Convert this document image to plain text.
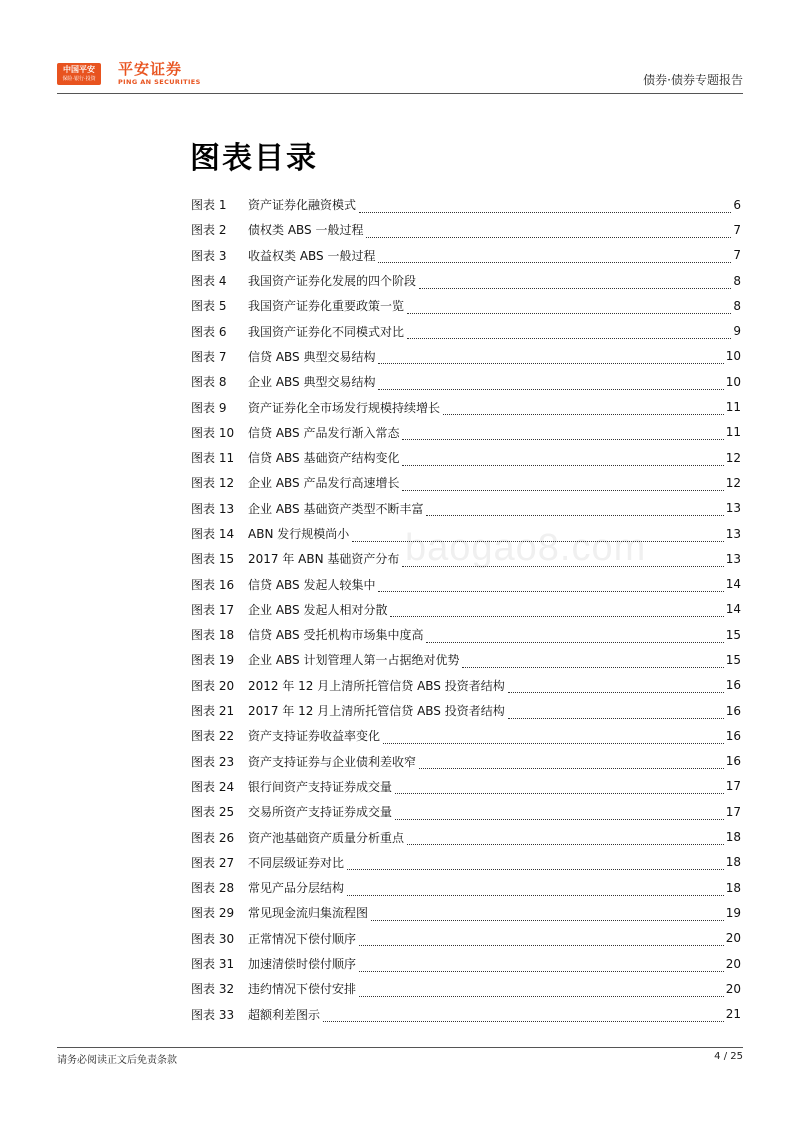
中国平安
保险·银行·投资
平安证券
PING AN SECURITIES	债券·债券专题报告
图表目录
baogao8.com
图表 1	资产证券化融资模式	6
图表 2	债权类 ABS 一般过程	7
图表 3	收益权类 ABS 一般过程	7
图表 4	我国资产证券化发展的四个阶段	8
图表 5	我国资产证券化重要政策一览	8
图表 6	我国资产证券化不同模式对比	9
图表 7	信贷 ABS 典型交易结构	10
图表 8	企业 ABS 典型交易结构	10
图表 9	资产证券化全市场发行规模持续增长	11
图表 10	信贷 ABS 产品发行渐入常态	11
图表 11	信贷 ABS 基础资产结构变化	12
图表 12	企业 ABS 产品发行高速增长	12
图表 13	企业 ABS 基础资产类型不断丰富	13
图表 14	ABN 发行规模尚小	13
图表 15	2017 年 ABN 基础资产分布	13
图表 16	信贷 ABS 发起人较集中	14
图表 17	企业 ABS 发起人相对分散	14
图表 18	信贷 ABS 受托机构市场集中度高	15
图表 19	企业 ABS 计划管理人第一占据绝对优势	15
图表 20	2012 年 12 月上清所托管信贷 ABS 投资者结构	16
图表 21	2017 年 12 月上清所托管信贷 ABS 投资者结构	16
图表 22	资产支持证券收益率变化	16
图表 23	资产支持证券与企业债利差收窄	16
图表 24	银行间资产支持证券成交量	17
图表 25	交易所资产支持证券成交量	17
图表 26	资产池基础资产质量分析重点	18
图表 27	不同层级证券对比	18
图表 28	常见产品分层结构	18
图表 29	常见现金流归集流程图	19
图表 30	正常情况下偿付顺序	20
图表 31	加速清偿时偿付顺序	20
图表 32	违约情况下偿付安排	20
图表 33	超额利差图示	21
请务必阅读正文后免责条款	4 / 25
